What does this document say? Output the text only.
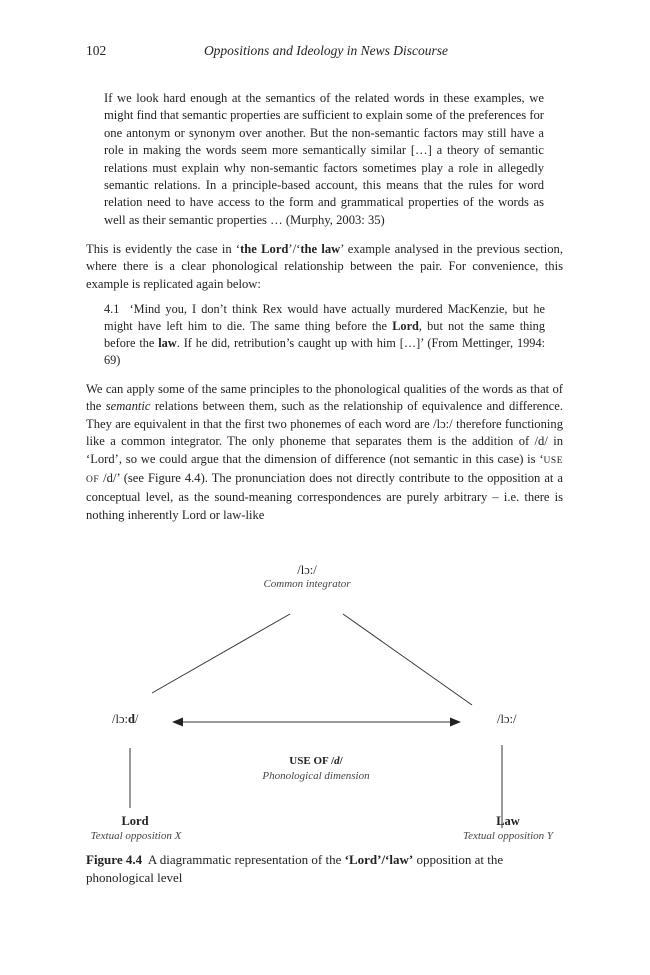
102	Oppositions and Ideology in News Discourse
If we look hard enough at the semantics of the related words in these examples, we might find that semantic properties are sufficient to explain some of the preferences for one antonym or synonym over another. But the non-semantic factors may still have a role in making the words seem more semantically similar […] a theory of semantic relations must explain why non-semantic factors sometimes play a role in allegedly semantic relations. In a principle-based account, this means that the rules for word relation need to have access to the form and grammatical properties of the words as well as their semantic properties … (Murphy, 2003: 35)
This is evidently the case in ‘the Lord’/‘the law’ example analysed in the previous section, where there is a clear phonological relationship between the pair. For convenience, this example is replicated again below:
4.1 ‘Mind you, I don’t think Rex would have actually murdered MacKenzie, but he might have left him to die. The same thing before the Lord, but not the same thing before the law. If he did, retribution’s caught up with him […]’ (From Mettinger, 1994: 69)
We can apply some of the same principles to the phonological qualities of the words as that of the semantic relations between them, such as the relationship of equivalence and difference. They are equivalent in that the first two phonemes of each word are /lɔ:/ therefore functioning like a common integrator. The only phoneme that separates them is the addition of /d/ in ‘Lord’, so we could argue that the dimension of difference (not semantic in this case) is ‘USE OF /d/’ (see Figure 4.4). The pronunciation does not directly contribute to the opposition at a conceptual level, as the sound-meaning correspondences are purely arbitrary – i.e. there is nothing inherently Lord or law-like
/lɔ:/
Common integrator
/lɔ:d/	/lɔ:/
USE OF /d/
Phonological dimension
Lord
Textual opposition X
Law
Textual opposition Y
Figure 4.4  A diagrammatic representation of the ‘Lord’/‘law’ opposition at the phonological level
